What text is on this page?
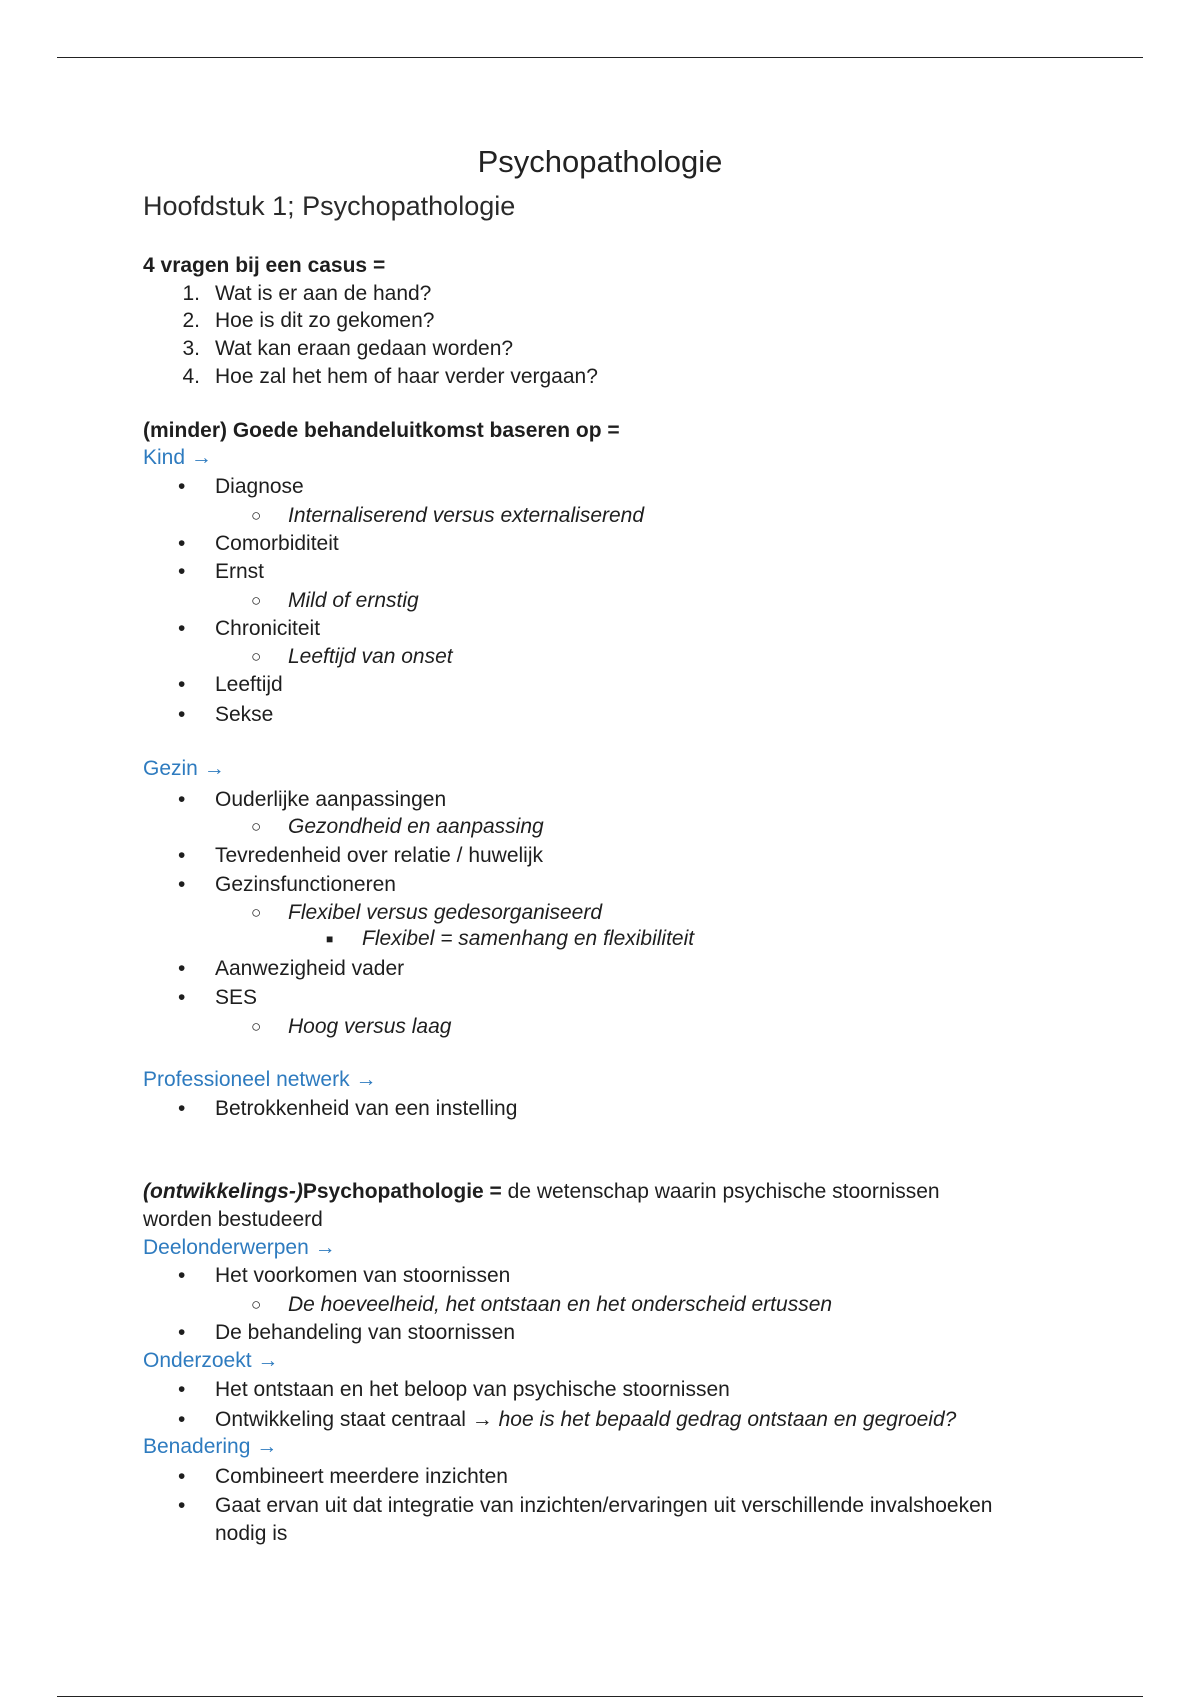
Psychopathologie
Hoofdstuk 1; Psychopathologie
4 vragen bij een casus =
1. Wat is er aan de hand?
2. Hoe is dit zo gekomen?
3. Wat kan eraan gedaan worden?
4. Hoe zal het hem of haar verder vergaan?
(minder) Goede behandeluitkomst baseren op =
Kind →
• Diagnose
○ Internaliserend versus externaliserend
• Comorbiditeit
• Ernst
○ Mild of ernstig
• Chroniciteit
○ Leeftijd van onset
• Leeftijd
• Sekse
Gezin →
• Ouderlijke aanpassingen
○ Gezondheid en aanpassing
• Tevredenheid over relatie / huwelijk
• Gezinsfunctioneren
○ Flexibel versus gedesorganiseerd
■ Flexibel = samenhang en flexibiliteit
• Aanwezigheid vader
• SES
○ Hoog versus laag
Professioneel netwerk →
• Betrokkenheid van een instelling
(ontwikkelings-)Psychopathologie = de wetenschap waarin psychische stoornissen
worden bestudeerd
Deelonderwerpen →
• Het voorkomen van stoornissen
○ De hoeveelheid, het ontstaan en het onderscheid ertussen
• De behandeling van stoornissen
Onderzoekt →
• Het ontstaan en het beloop van psychische stoornissen
• Ontwikkeling staat centraal → hoe is het bepaald gedrag ontstaan en gegroeid?
Benadering →
• Combineert meerdere inzichten
• Gaat ervan uit dat integratie van inzichten/ervaringen uit verschillende invalshoeken
nodig is
